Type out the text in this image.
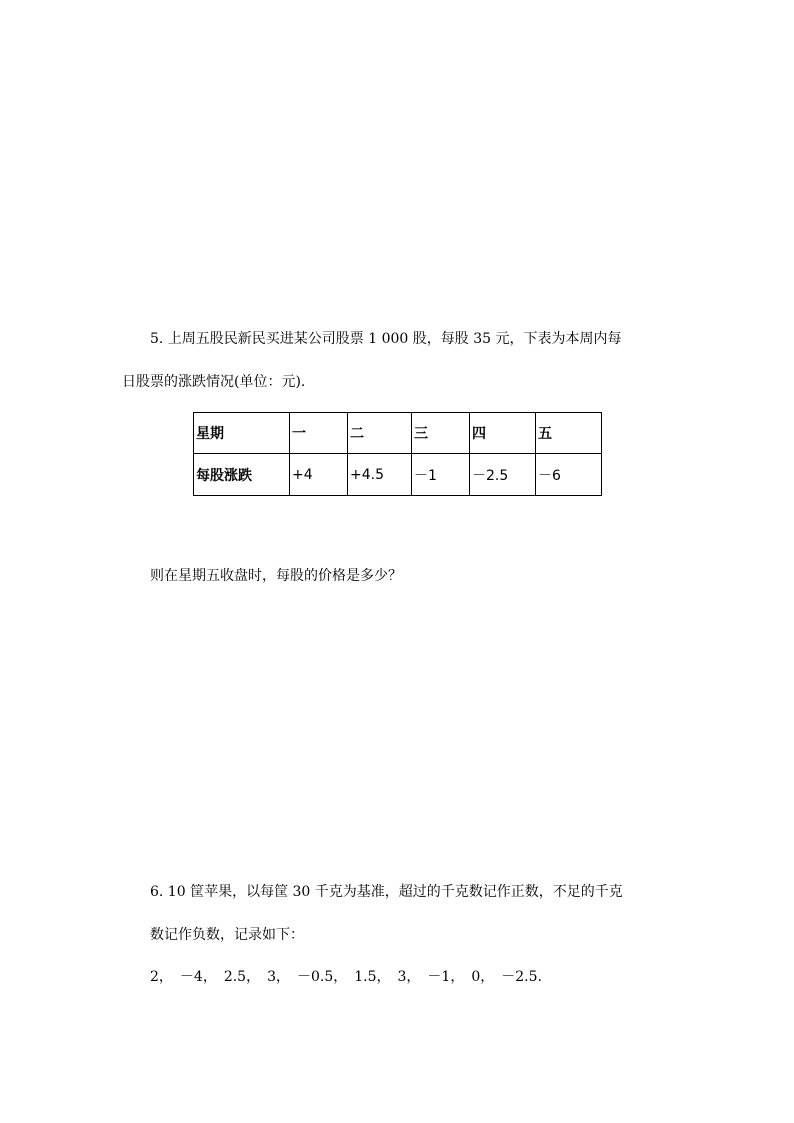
5. 上周五股民新民买进某公司股票 1 000 股，每股 35 元，下表为本周内每
日股票的涨跌情况(单位：元).
星期	一	二	三	四	五
每股涨跌	+4	+4.5	－1	－2.5	－6
则在星期五收盘时，每股的价格是多少？
6. 10 筐苹果，以每筐 30 千克为基准，超过的千克数记作正数，不足的千克
数记作负数，记录如下：
2，　－4，　2.5，　3，　－0.5，　1.5，　3，　－1，　0，　－2.5.
